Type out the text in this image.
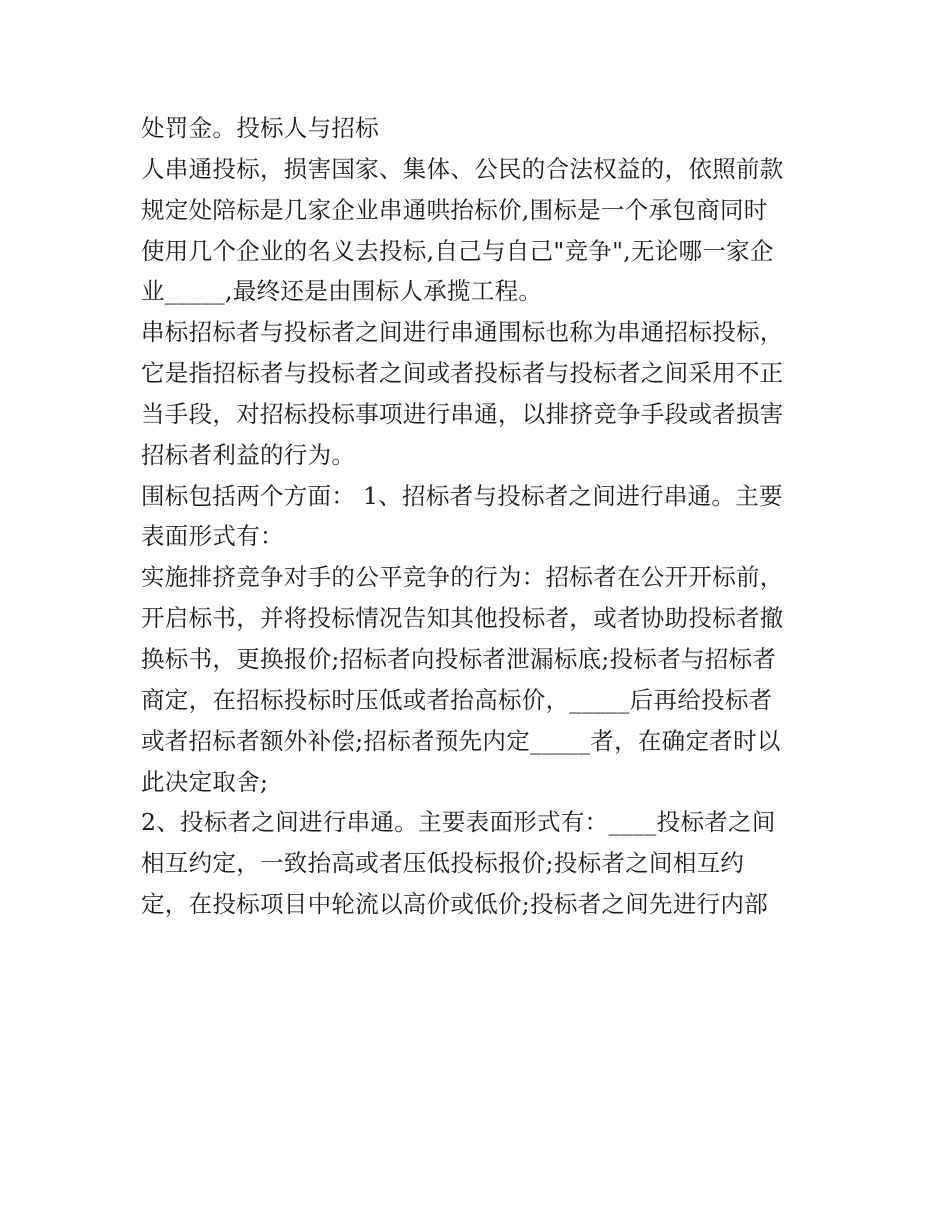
处罚金。投标人与招标
人串通投标，损害国家、集体、公民的合法权益的，依照前款
规定处陪标是几家企业串通哄抬标价,围标是一个承包商同时
使用几个企业的名义去投标,自己与自己"竞争",无论哪一家企
业_____,最终还是由围标人承揽工程。
串标招标者与投标者之间进行串通围标也称为串通招标投标，
它是指招标者与投标者之间或者投标者与投标者之间采用不正
当手段，对招标投标事项进行串通，以排挤竞争手段或者损害
招标者利益的行为。
围标包括两个方面： 1、招标者与投标者之间进行串通。主要
表面形式有：
实施排挤竞争对手的公平竞争的行为：招标者在公开开标前，
开启标书，并将投标情况告知其他投标者，或者协助投标者撤
换标书，更换报价;招标者向投标者泄漏标底;投标者与招标者
商定，在招标投标时压低或者抬高标价，_____后再给投标者
或者招标者额外补偿;招标者预先内定_____者，在确定者时以
此决定取舍;
2、投标者之间进行串通。主要表面形式有：____投标者之间
相互约定，一致抬高或者压低投标报价;投标者之间相互约
定，在投标项目中轮流以高价或低价;投标者之间先进行内部
